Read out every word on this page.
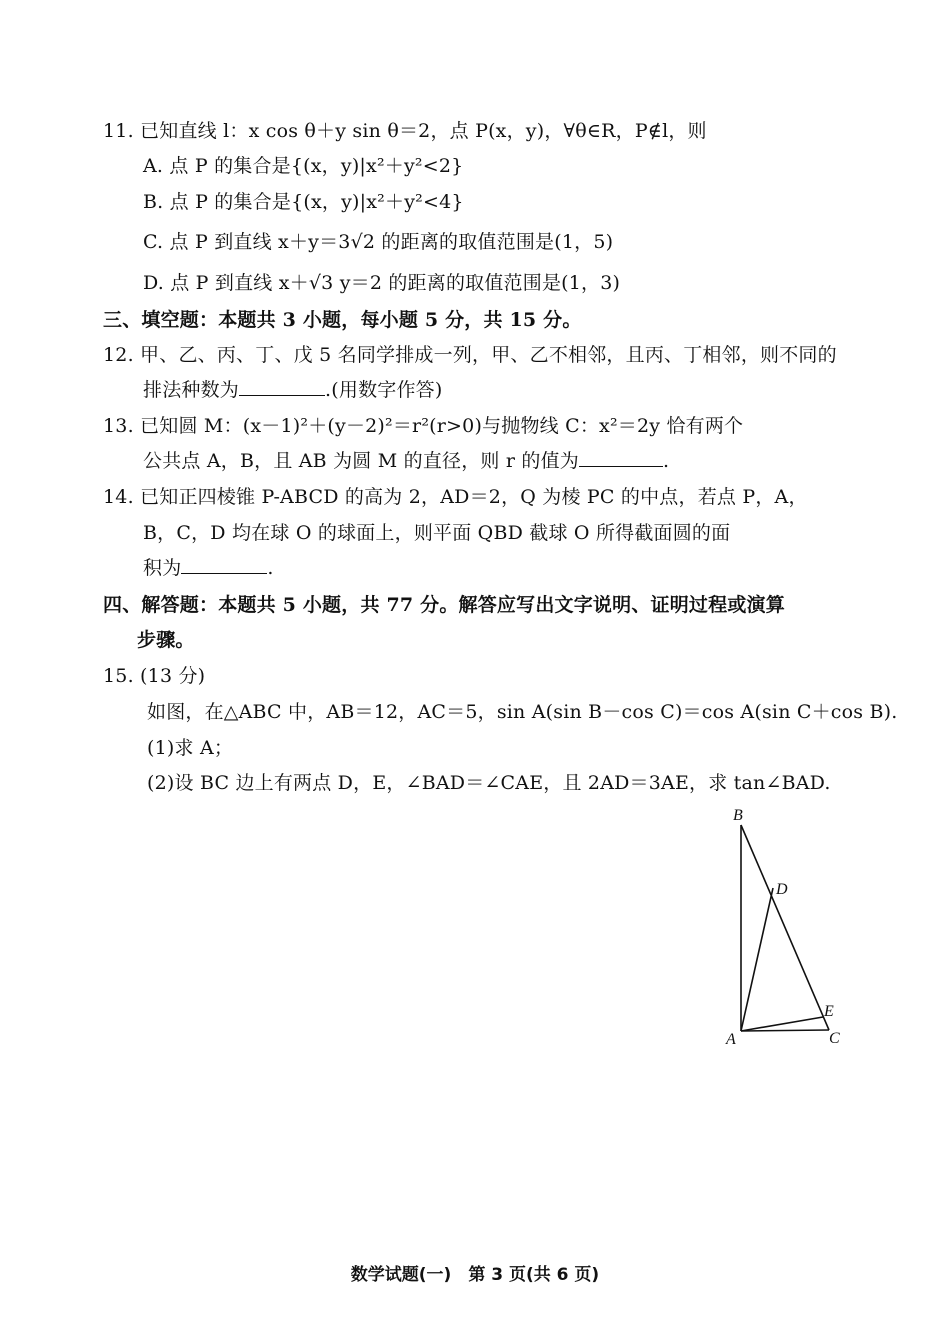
11. 已知直线 l：x cos θ＋y sin θ＝2，点 P(x，y)，∀θ∈R，P∉l，则
A. 点 P 的集合是{(x，y)|x²＋y²<2}
B. 点 P 的集合是{(x，y)|x²＋y²<4}
C. 点 P 到直线 x＋y＝3√2 的距离的取值范围是(1，5)
D. 点 P 到直线 x＋√3 y＝2 的距离的取值范围是(1，3)
三、填空题：本题共 3 小题，每小题 5 分，共 15 分。
12. 甲、乙、丙、丁、戊 5 名同学排成一列，甲、乙不相邻，且丙、丁相邻，则不同的
排法种数为	.(用数字作答)
13. 已知圆 M：(x－1)²＋(y－2)²＝r²(r>0)与抛物线 C：x²＝2y 恰有两个
公共点 A，B，且 AB 为圆 M 的直径，则 r 的值为	.
14. 已知正四棱锥 P-ABCD 的高为 2，AD＝2，Q 为棱 PC 的中点，若点 P，A，
B，C，D 均在球 O 的球面上，则平面 QBD 截球 O 所得截面圆的面
积为	.
四、解答题：本题共 5 小题，共 77 分。解答应写出文字说明、证明过程或演算
步骤。
15. (13 分)
如图，在△ABC 中，AB＝12，AC＝5，sin A(sin B－cos C)＝cos A(sin C＋cos B).
(1)求 A；
(2)设 BC 边上有两点 D，E，∠BAD＝∠CAE，且 2AD＝3AE，求 tan∠BAD.
B
D
E
A	C
数学试题(一)　第 3 页(共 6 页)
